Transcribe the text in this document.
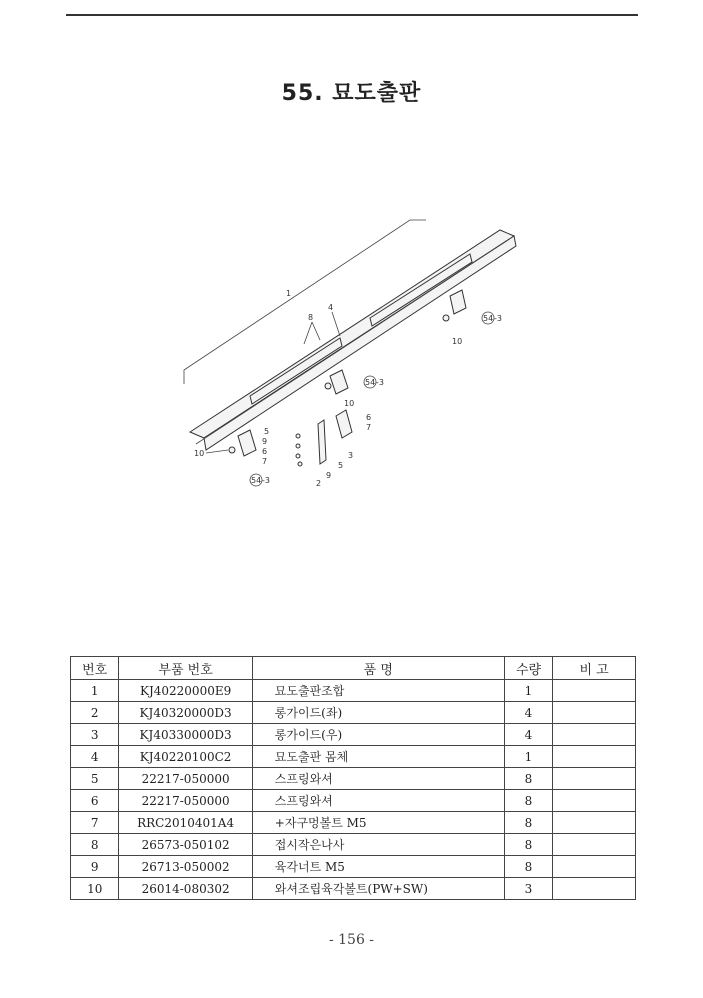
55. 묘도출판
1
4
8	54 -3
10
54 -3
10
6
7
3
5
9
2
5
9
6
7
10
54 -3
번호	부품 번호	품 명	수량	비 고
1	KJ40220000E9	묘도출판조합	1	
2	KJ40320000D3	롱가이드(좌)	4	
3	KJ40330000D3	롱가이드(우)	4	
4	KJ40220100C2	묘도출판 몸체	1	
5	22217-050000	스프링와셔	8	
6	22217-050000	스프링와셔	8	
7	RRC2010401A4	+자구멍볼트 M5	8	
8	26573-050102	접시작은나사	8	
9	26713-050002	육각너트 M5	8	
10	26014-080302	와셔조립육각볼트(PW+SW)	3	
- 156 -
